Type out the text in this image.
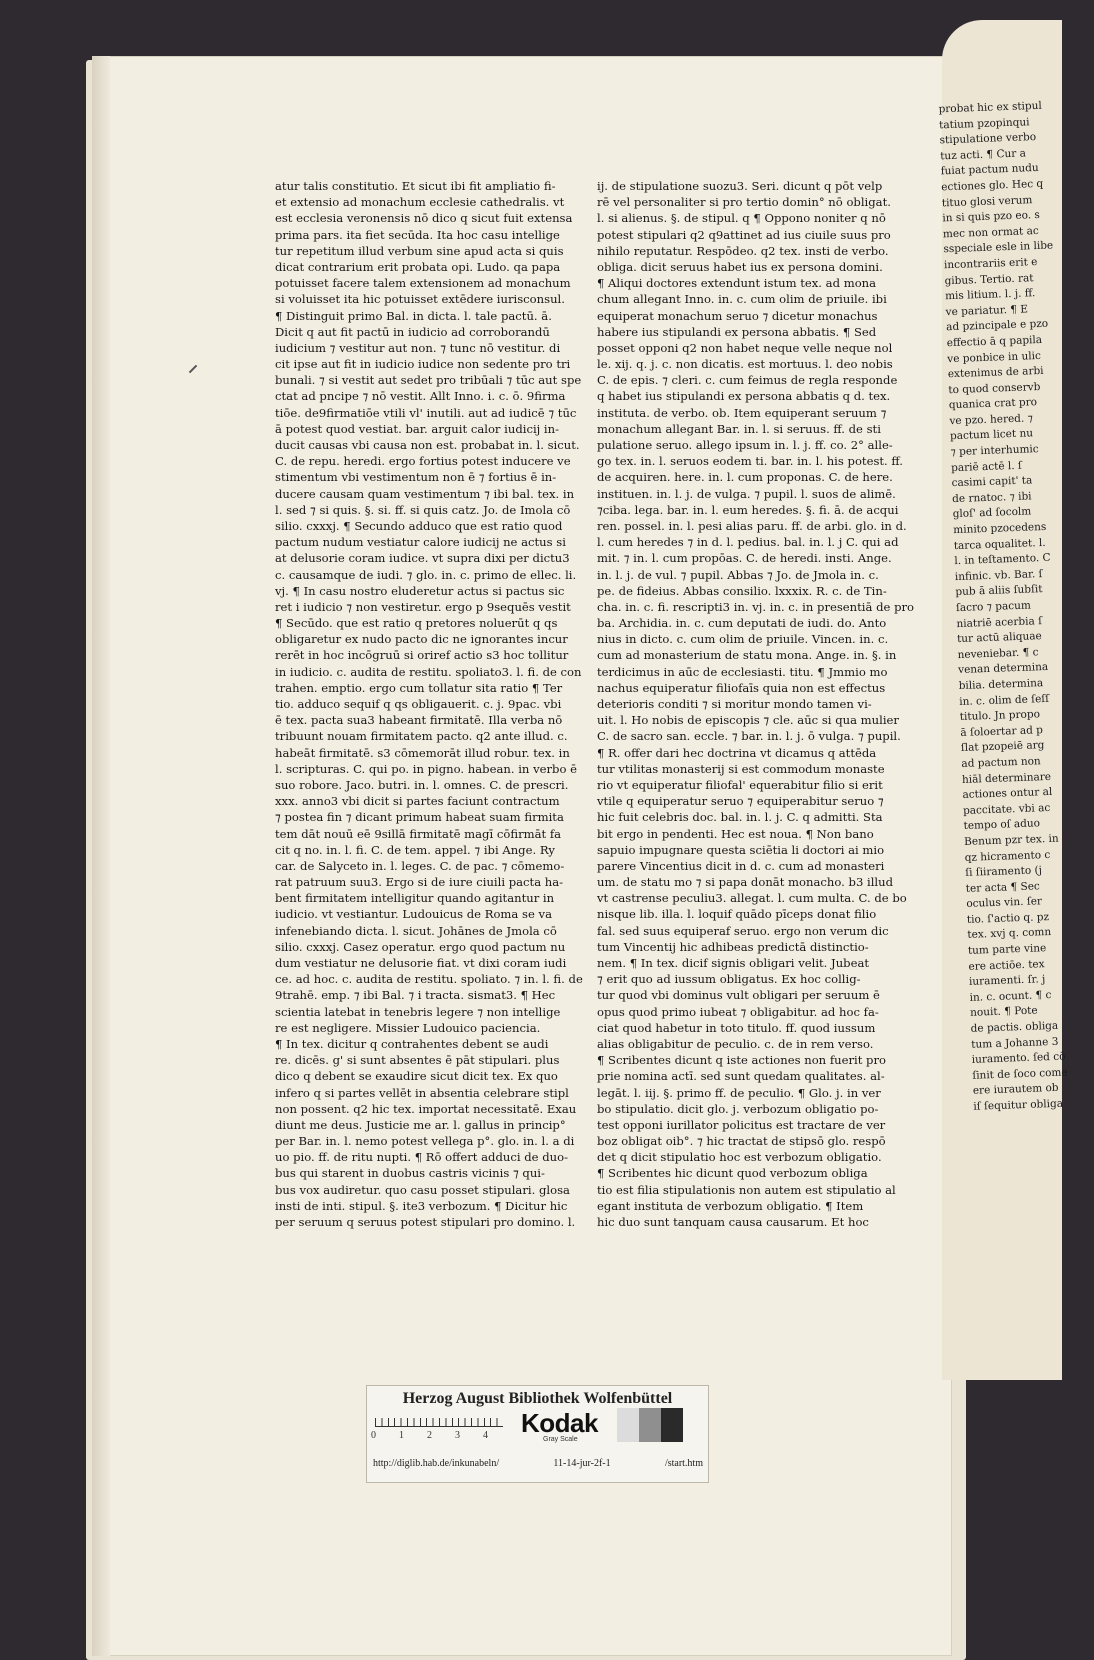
atur talis constitutio. Et sicut ibi fit ampliatio fi-
et extensio ad monachum ecclesie cathedralis. vt
est ecclesia veronensis nō dico q sicut fuit extensa
prima pars. ita fiet secūda. Ita hoc casu intellige
tur repetitum illud verbum sine apud acta si quis
dicat contrarium erit probata opi. Ludo. qa papa
potuisset facere talem extensionem ad monachum
si voluisset ita hic potuisset extēdere iurisconsul.
¶ Distinguit primo Bal. in dicta. l. tale pactū. ā.
Dicit q aut fit pactū in iudicio ad corroborandū
iudicium ⁊ vestitur aut non. ⁊ tunc nō vestitur. di
cit ipse aut fit in iudicio iudice non sedente pro tri
bunali. ⁊ si vestit aut sedet pro tribūali ⁊ tūc aut spe
ctat ad pncipe ⁊ nō vestit. Allt Inno. i. c. ō. 9firma
tiōe. de9firmatiōe vtili vl' inutili. aut ad iudicē ⁊ tūc
ā potest quod vestiat. bar. arguit calor iudicij in-
ducit causas vbi causa non est. probabat in. l. sicut.
C. de repu. heredi. ergo fortius potest inducere ve
stimentum vbi vestimentum non ē ⁊ fortius ē in-
ducere causam quam vestimentum ⁊ ibi bal. tex. in
l. sed ⁊ si quis. §. si. ff. si quis catz. Jo. de Imola cō
silio. cxxxj. ¶ Secundo adduco que est ratio quod
pactum nudum vestiatur calore iudicij ne actus si
at delusorie coram iudice. vt supra dixi per dictu3
c. causamque de iudi. ⁊ glo. in. c. primo de ellec. li.
vj. ¶ In casu nostro eluderetur actus si pactus sic
ret i iudicio ⁊ non vestiretur. ergo p 9sequēs vestit
¶ Secūdo. que est ratio q pretores noluerūt q qs
obligaretur ex nudo pacto dic ne ignorantes incur
rerēt in hoc incōgruū si oriref actio s3 hoc tollitur
in iudicio. c. audita de restitu. spoliato3. l. fi. de con
trahen. emptio. ergo cum tollatur sita ratio ¶ Ter
tio. adduco sequif q qs obligauerit. c. j. 9pac. vbi
ē tex. pacta sua3 habeant firmitatē. Illa verba nō
tribuunt nouam firmitatem pacto. q2 ante illud. c.
habeāt firmitatē. s3 cōmemorāt illud robur. tex. in
l. scripturas. C. qui po. in pigno. habean. in verbo ē
suo robore. Jaco. butri. in. l. omnes. C. de prescri.
xxx. anno3 vbi dicit si partes faciunt contractum
⁊ postea fin ⁊ dicant primum habeat suam firmita
tem dāt nouū eē 9sillā firmitatē magī cōfirmāt fa
cit q no. in. l. fi. C. de tem. appel. ⁊ ibi Ange. Ry
car. de Salyceto in. l. leges. C. de pac. ⁊ cōmemo-
rat patruum suu3. Ergo si de iure ciuili pacta ha-
bent firmitatem intelligitur quando agitantur in
iudicio. vt vestiantur. Ludouicus de Roma se va
infenebiando dicta. l. sicut. Johānes de Jmola cō
silio. cxxxj. Casez operatur. ergo quod pactum nu
dum vestiatur ne delusorie fiat. vt dixi coram iudi
ce. ad hoc. c. audita de restitu. spoliato. ⁊ in. l. fi. de
9trahē. emp. ⁊ ibi Bal. ⁊ i tracta. sismat3. ¶ Hec
scientia latebat in tenebris legere ⁊ non intellige
re est negligere. Missier Ludouico paciencia.
¶ In tex. dicitur q contrahentes debent se audi
re. dicēs. g' si sunt absentes ē pāt stipulari. plus
dico q debent se exaudire sicut dicit tex. Ex quo
infero q si partes vellēt in absentia celebrare stipl
non possent. q2 hic tex. importat necessitatē. Exau
diunt me deus. Justicie me ar. l. gallus in princip°
per Bar. in. l. nemo potest vellega p°. glo. in. l. a di
uo pio. ff. de ritu nupti. ¶ Rō offert adduci de duo-
bus qui starent in duobus castris vicinis ⁊ qui-
bus vox audiretur. quo casu posset stipulari. glosa
insti de inti. stipul. §. ite3 verbozum. ¶ Dicitur hic
per seruum q seruus potest stipulari pro domino. l.
ij. de stipulatione suozu3. Seri. dicunt q pōt velp
rē vel personaliter si pro tertio domin° nō obligat.
l. si alienus. §. de stipul. q ¶ Oppono noniter q nō
potest stipulari q2 q9attinet ad ius ciuile suus pro
nihilo reputatur. Respōdeo. q2 tex. insti de verbo.
obliga. dicit seruus habet ius ex persona domini.
¶ Aliqui doctores extendunt istum tex. ad mona
chum allegant Inno. in. c. cum olim de priuile. ibi
equiperat monachum seruo ⁊ dicetur monachus
habere ius stipulandi ex persona abbatis. ¶ Sed
posset opponi q2 non habet neque velle neque nol
le. xij. q. j. c. non dicatis. est mortuus. l. deo nobis
C. de epis. ⁊ cleri. c. cum feimus de regla responde
q habet ius stipulandi ex persona abbatis q d. tex.
instituta. de verbo. ob. Item equiperant seruum ⁊
monachum allegant Bar. in. l. si seruus. ff. de sti
pulatione seruo. allego ipsum in. l. j. ff. co. 2° alle-
go tex. in. l. seruos eodem ti. bar. in. l. his potest. ff.
de acquiren. here. in. l. cum proponas. C. de here.
instituen. in. l. j. de vulga. ⁊ pupil. l. suos de alimē.
⁊ciba. lega. bar. in. l. eum heredes. §. fi. ā. de acqui
ren. possel. in. l. pesi alias paru. ff. de arbi. glo. in d.
l. cum heredes ⁊ in d. l. pedius. bal. in. l. j C. qui ad
mit. ⁊ in. l. cum propōas. C. de heredi. insti. Ange.
in. l. j. de vul. ⁊ pupil. Abbas ⁊ Jo. de Jmola in. c.
pe. de fideius. Abbas consilio. lxxxix. R. c. de Tin-
cha. in. c. fi. rescripti3 in. vj. in. c. in presentiā de pro
ba. Archidia. in. c. cum deputati de iudi. do. Anto
nius in dicto. c. cum olim de priuile. Vincen. in. c.
cum ad monasterium de statu mona. Ange. in. §. in
terdicimus in aūc de ecclesiasti. titu. ¶ Jmmio mo
nachus equiperatur filiofaīs quia non est effectus
deterioris conditi ⁊ si moritur mondo tamen vi-
uit. l. Ho nobis de episcopis ⁊ cle. aūc si qua mulier
C. de sacro san. eccle. ⁊ bar. in. l. j. ō vulga. ⁊ pupil.
¶ R. offer dari hec doctrina vt dicamus q attēda
tur vtilitas monasterij si est commodum monaste
rio vt equiperatur filiofal' equerabitur filio si erit
vtile q equiperatur seruo ⁊ equiperabitur seruo ⁊
hic fuit celebris doc. bal. in. l. j. C. q admitti. Sta
bit ergo in pendenti. Hec est noua. ¶ Non bano
sapuio impugnare questa sciētia li doctori ai mio
parere Vincentius dicit in d. c. cum ad monasteri
um. de statu mo ⁊ si papa donāt monacho. b3 illud
vt castrense peculiu3. allegat. l. cum multa. C. de bo
nisque lib. illa. l. loquif quādo pīceps donat filio
fal. sed suus equiperaf seruo. ergo non verum dic
tum Vincentij hic adhibeas predictā distinctio-
nem. ¶ In tex. dicif signis obligari velit. Jubeat
⁊ erit quo ad iussum obligatus. Ex hoc collig-
tur quod vbi dominus vult obligari per seruum ē
opus quod primo iubeat ⁊ obligabitur. ad hoc fa-
ciat quod habetur in toto titulo. ff. quod iussum
alias obligabitur de peculio. c. de in rem verso.
¶ Scribentes dicunt q iste actiones non fuerit pro
prie nomina actī. sed sunt quedam qualitates. al-
legāt. l. iij. §. primo ff. de peculio. ¶ Glo. j. in ver
bo stipulatio. dicit glo. j. verbozum obligatio po-
test opponi iurillator policitus est tractare de ver
boz obligat oib°. ⁊ hic tractat de stipsō glo. respō
det q dicit stipulatio hoc est verbozum obligatio.
¶ Scribentes hic dicunt quod verbozum obliga
tio est filia stipulationis non autem est stipulatio al
egant instituta de verbozum obligatio. ¶ Item
hic duo sunt tanquam causa causarum. Et hoc
probat hic ex stipul
tatium pzopinqui
stipulatione verbo
tuz acti. ¶ Cur a
fuiat pactum nudu
ectiones glo. Hec q
tituo glosi verum
in si quis pzo eo. s
mec non ormat ac
sspeciale esle in libe
incontrariis erit e
gibus. Tertio. rat
mis litium. l. j. ff.
ve pariatur. ¶ E
ad pzincipale e pzo
effectio ā q papila
ve ponbice in ulic
extenimus de arbi
to quod conservb
quanica crat pro
ve pzo. hered. ⁊
pactum licet nu
⁊ per interhumic
pariē actē l. ſ
casimi capit' ta
de rnatoc. ⁊ ibi
gloſ' ad ſocolm
minito pzocedens
tarca oqualitet. l.
l. in teſtamento. C
infinic. vb. Bar. ſ
pub ā aliis ſubſit
ſacro ⁊ pacum
niatriē acerbia ſ
tur actū aliquae
neveniebar. ¶ c
venan determina
bilia. determina
in. c. olim de ſeſſ
titulo. Jn propo
ā ſoloertar ad p
ſlat pzopeiē arg
ad pactum non
hiāl determinare
actiones ontur al
paccitate. vbi ac
tempo oſ aduo
Benum pzr tex. in
qz hicramento c
ſi ſiiramento (j
ter acta ¶ Sec
oculus vin. ſer
tio. ſ'actio q. pz
tex. xvj q. comn
tum parte vine
ere actiōe. tex
iuramenti. ſr. j
in. c. ocunt. ¶ c
nouit. ¶ Pote
de pactis. obliga
tum a Johanne 3
iuramento. ſed cō
ſinit de ſoco come
ere iurautem ob
iſ ſequitur obliga
Herzog August Bibliothek Wolfenbüttel
0	1	2	3	4	Kodak
Gray Scale
http://diglib.hab.de/inkunabeln/	11-14-jur-2f-1	/start.htm
